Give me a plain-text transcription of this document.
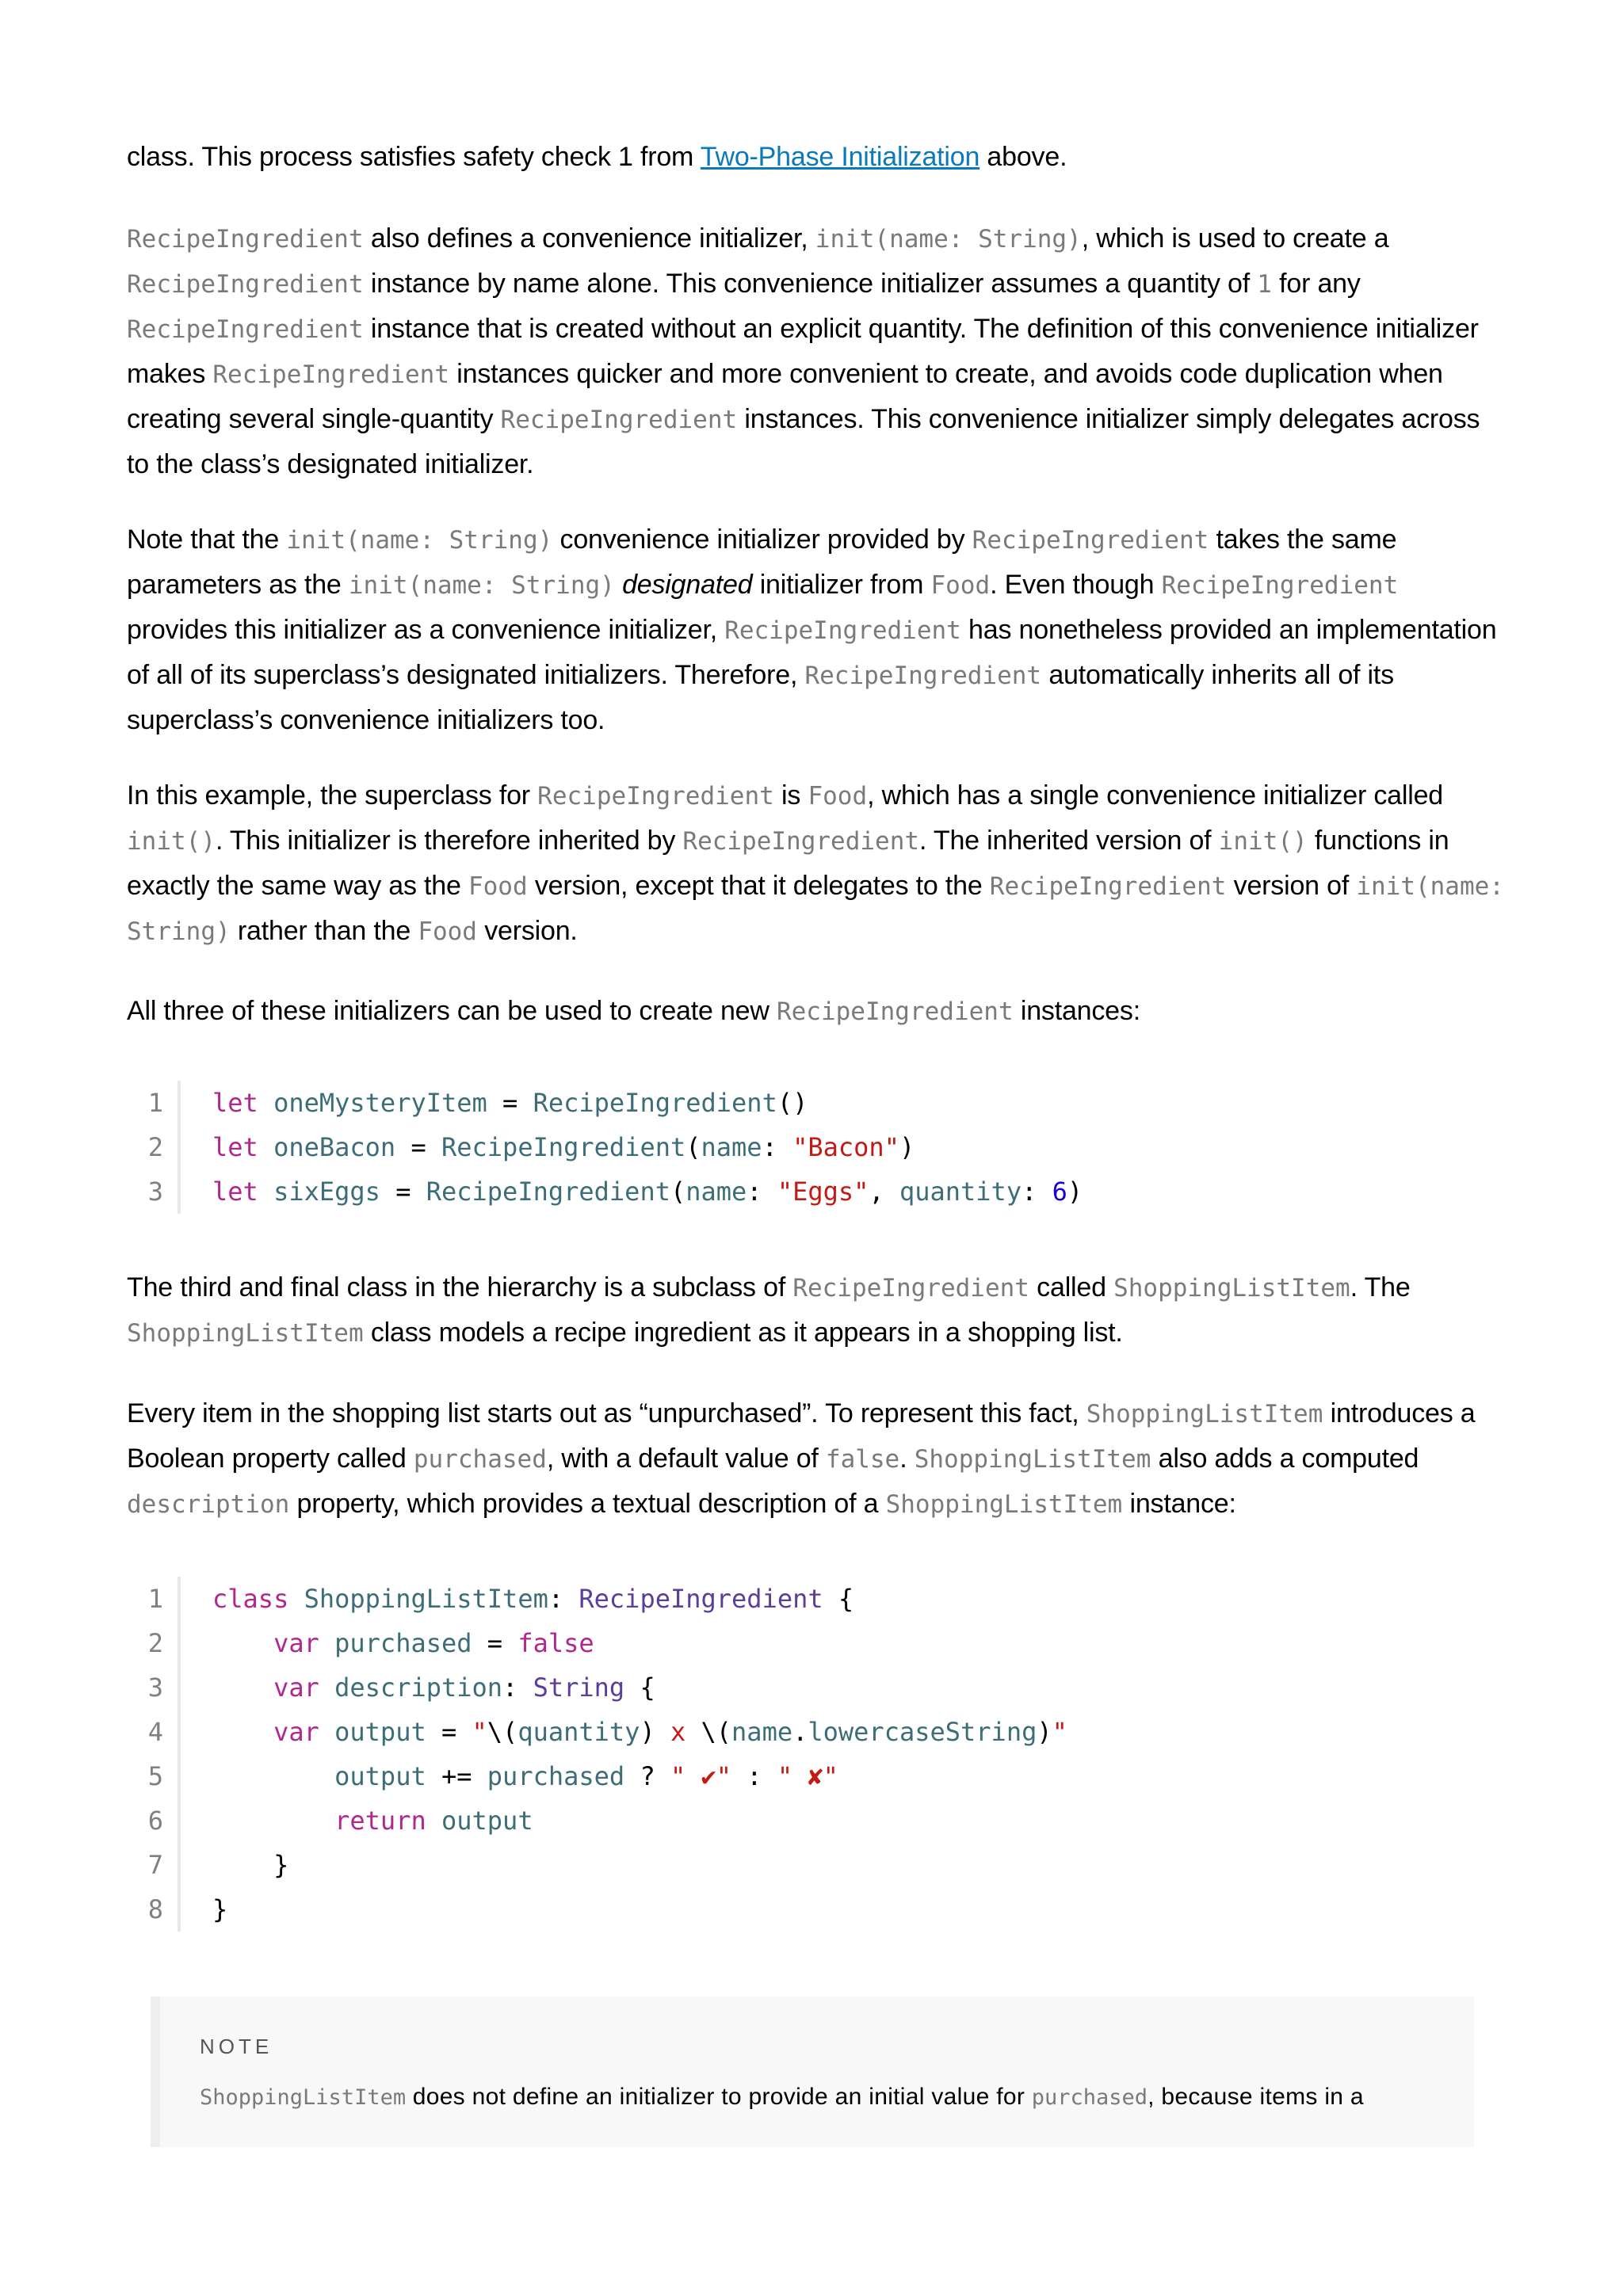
class. This process satisfies safety check 1 from Two-Phase Initialization above.

RecipeIngredient also defines a convenience initializer, init(name: String), which is used to create a RecipeIngredient instance by name alone. This convenience initializer assumes a quantity of 1 for any RecipeIngredient instance that is created without an explicit quantity. The definition of this convenience initializer makes RecipeIngredient instances quicker and more convenient to create, and avoids code duplication when creating several single-quantity RecipeIngredient instances. This convenience initializer simply delegates across to the class’s designated initializer.

Note that the init(name: String) convenience initializer provided by RecipeIngredient takes the same parameters as the init(name: String) designated initializer from Food. Even though RecipeIngredient provides this initializer as a convenience initializer, RecipeIngredient has nonetheless provided an implementation of all of its superclass’s designated initializers. Therefore, RecipeIngredient automatically inherits all of its superclass’s convenience initializers too.

In this example, the superclass for RecipeIngredient is Food, which has a single convenience initializer called init(). This initializer is therefore inherited by RecipeIngredient. The inherited version of init() functions in exactly the same way as the Food version, except that it delegates to the RecipeIngredient version of init(name: String) rather than the Food version.

All three of these initializers can be used to create new RecipeIngredient instances:

1	let oneMysteryItem = RecipeIngredient()
2	let oneBacon = RecipeIngredient(name: "Bacon")
3	let sixEggs = RecipeIngredient(name: "Eggs", quantity: 6)

The third and final class in the hierarchy is a subclass of RecipeIngredient called ShoppingListItem. The ShoppingListItem class models a recipe ingredient as it appears in a shopping list.

Every item in the shopping list starts out as “unpurchased”. To represent this fact, ShoppingListItem introduces a Boolean property called purchased, with a default value of false. ShoppingListItem also adds a computed description property, which provides a textual description of a ShoppingListItem instance:

1	class ShoppingListItem: RecipeIngredient {
2	var purchased = false
3	var description: String {
4	var output = "\(quantity) x \(name.lowercaseString)"
5	output += purchased ? " ✔" : " ✘"
6	return output
7	}
8	}

NOTE

ShoppingListItem does not define an initializer to provide an initial value for purchased, because items in a
